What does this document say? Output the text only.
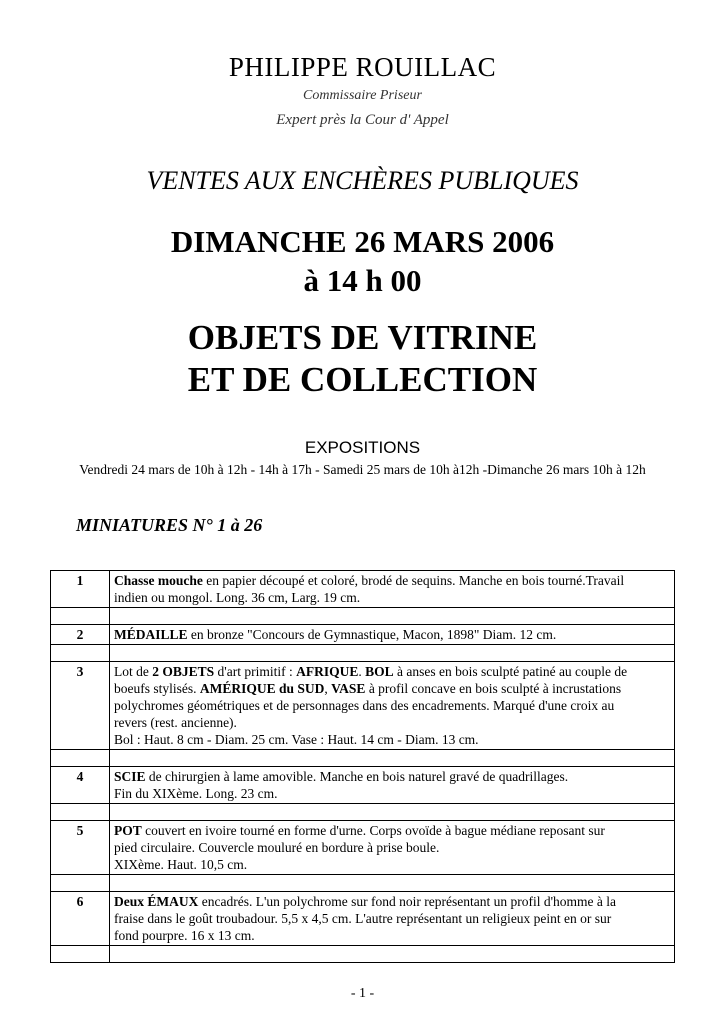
PHILIPPE ROUILLAC
Commissaire Priseur
Expert près la Cour d' Appel
VENTES AUX ENCHÈRES PUBLIQUES
DIMANCHE 26 MARS 2006
à 14 h 00
OBJETS DE VITRINE
ET DE COLLECTION
EXPOSITIONS
Vendredi 24 mars de 10h à 12h - 14h à 17h - Samedi 25 mars de 10h à12h -Dimanche 26 mars 10h à 12h
MINIATURES N° 1 à 26
1	Chasse mouche en papier découpé et coloré, brodé de sequins. Manche en bois tourné.Travail
indien ou mongol. Long. 36 cm, Larg. 19 cm.

2	MÉDAILLE en bronze "Concours de Gymnastique, Macon, 1898" Diam. 12 cm.

3	Lot de 2 OBJETS d'art primitif : AFRIQUE. BOL à anses en bois sculpté patiné au couple de
boeufs stylisés. AMÉRIQUE du SUD, VASE à profil concave en bois sculpté à incrustations
polychromes géométriques et de personnages dans des encadrements. Marqué d'une croix au
revers (rest. ancienne).
Bol : Haut. 8 cm - Diam. 25 cm. Vase : Haut. 14 cm - Diam. 13 cm.

4	SCIE de chirurgien à lame amovible. Manche en bois naturel gravé de quadrillages.
Fin du XIXème. Long. 23 cm.

5	POT couvert en ivoire tourné en forme d'urne. Corps ovoïde à bague médiane reposant sur
pied circulaire. Couvercle mouluré en bordure à prise boule.
XIXème. Haut. 10,5 cm.

6	Deux ÉMAUX encadrés. L'un polychrome sur fond noir représentant un profil d'homme à la
fraise dans le goût troubadour. 5,5 x 4,5 cm. L'autre représentant un religieux peint en or sur
fond pourpre. 16 x 13 cm.

- 1 -
